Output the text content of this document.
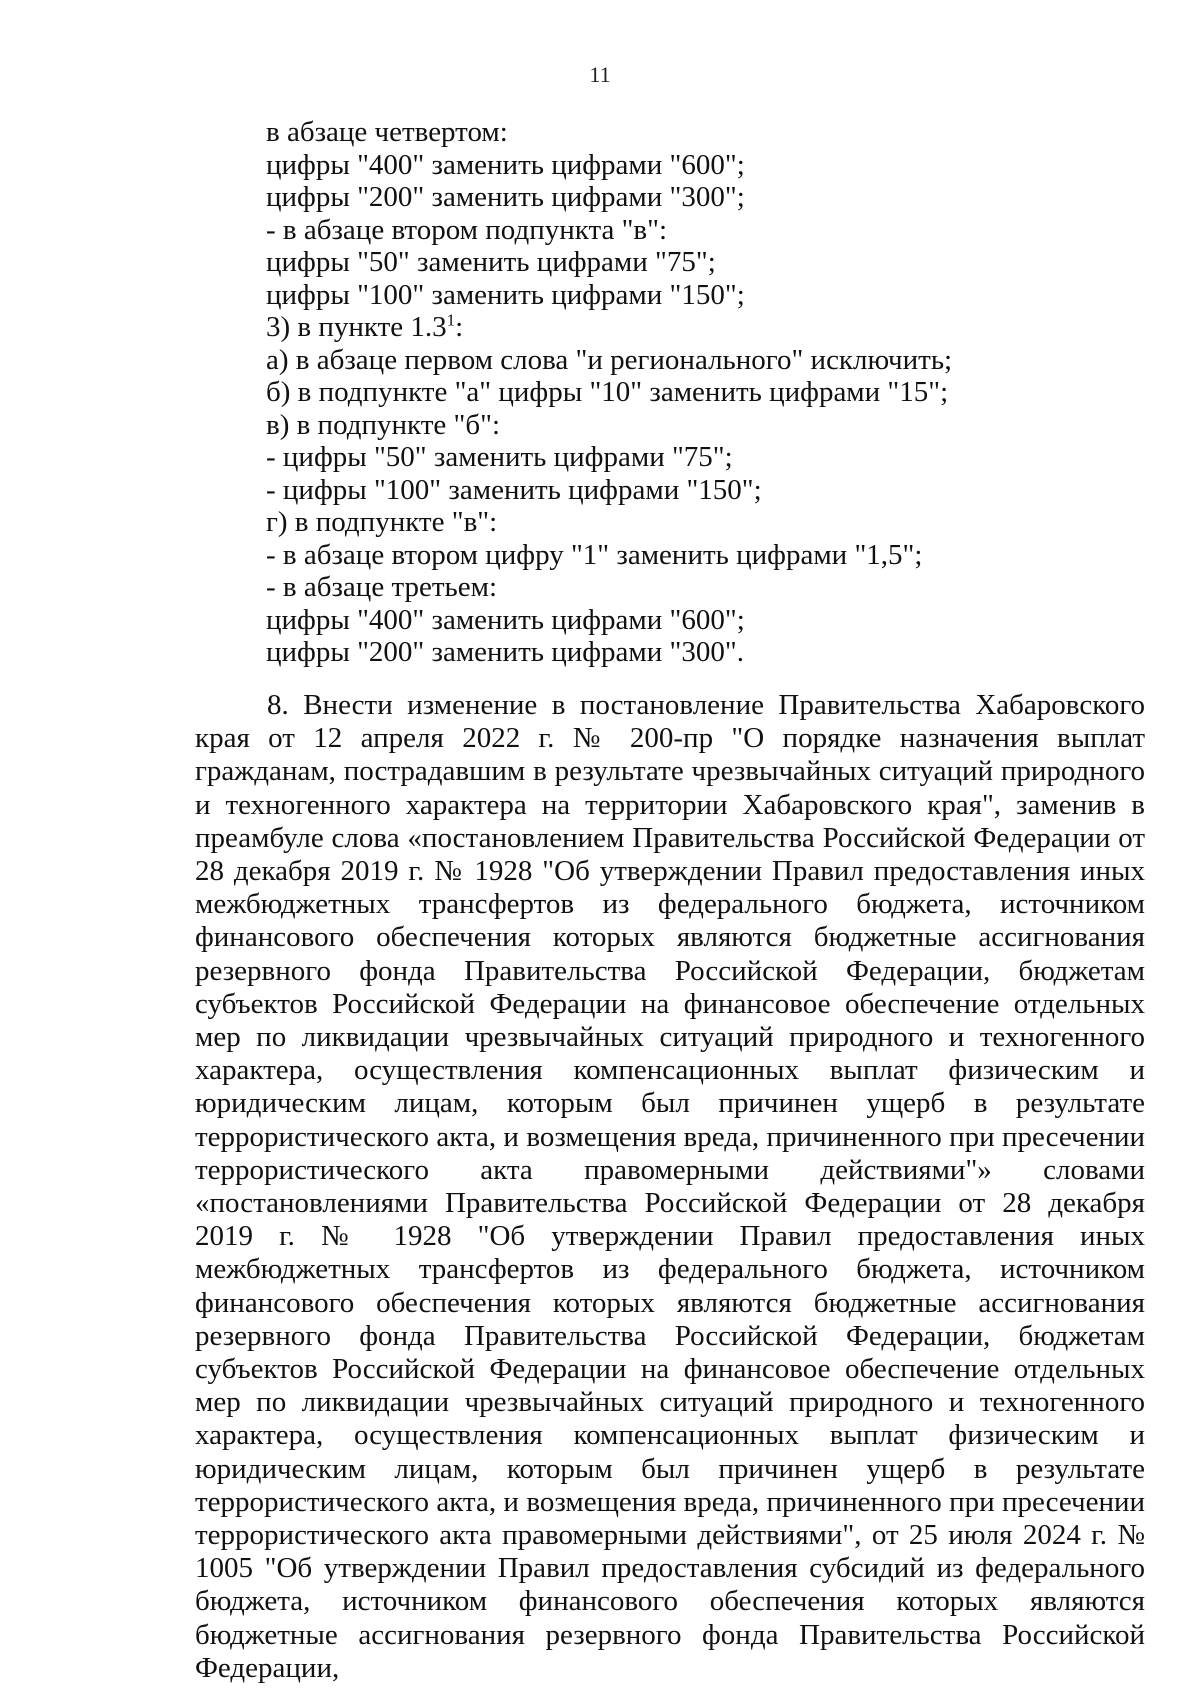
11
в абзаце четвертом:
цифры "400" заменить цифрами "600";
цифры "200" заменить цифрами "300";
- в абзаце втором подпункта "в":
цифры "50" заменить цифрами "75";
цифры "100" заменить цифрами "150";
3) в пункте $1.3^1$:
а) в абзаце первом слова "и регионального" исключить;
б) в подпункте "а" цифры "10" заменить цифрами "15";
в) в подпункте "б":
- цифры "50" заменить цифрами "75";
- цифры "100" заменить цифрами "150";
г) в подпункте "в":
- в абзаце втором цифру "1" заменить цифрами "1,5";
- в абзаце третьем:
цифры "400" заменить цифрами "600";
цифры "200" заменить цифрами "300".

8. Внести изменение в постановление Правительства Хабаровского края от 12 апреля 2022 г. № 200-пр "О порядке назначения выплат гражданам, пострадавшим в результате чрезвычайных ситуаций природного и техногенного характера на территории Хабаровского края", заменив в преамбуле слова «постановлением Правительства Российской Федерации от 28 декабря 2019 г. № 1928 "Об утверждении Правил предоставления иных межбюджетных трансфертов из федерального бюджета, источником финансового обеспечения которых являются бюджетные ассигнования резервного фонда Правительства Российской Федерации, бюджетам субъектов Российской Федерации на финансовое обеспечение отдельных мер по ликвидации чрезвычайных ситуаций природного и техногенного характера, осуществления компенсационных выплат физическим и юридическим лицам, которым был причинен ущерб в результате террористического акта, и возмещения вреда, причиненного при пресечении террористического акта правомерными действиями"» словами «постановлениями Правительства Российской Федерации от 28 декабря 2019 г. № 1928 "Об утверждении Правил предоставления иных межбюджетных трансфертов из федерального бюджета, источником финансового обеспечения которых являются бюджетные ассигнования резервного фонда Правительства Российской Федерации, бюджетам субъектов Российской Федерации на финансовое обеспечение отдельных мер по ликвидации чрезвычайных ситуаций природного и техногенного характера, осуществления компенсационных выплат физическим и юридическим лицам, которым был причинен ущерб в результате террористического акта, и возмещения вреда, причиненного при пресечении террористического акта правомерными действиями", от 25 июля 2024 г. № 1005 "Об утверждении Правил предоставления субсидий из федерального бюджета, источником финансового обеспечения которых являются бюджетные ассигнования резервного фонда Правительства Российской Федерации,
